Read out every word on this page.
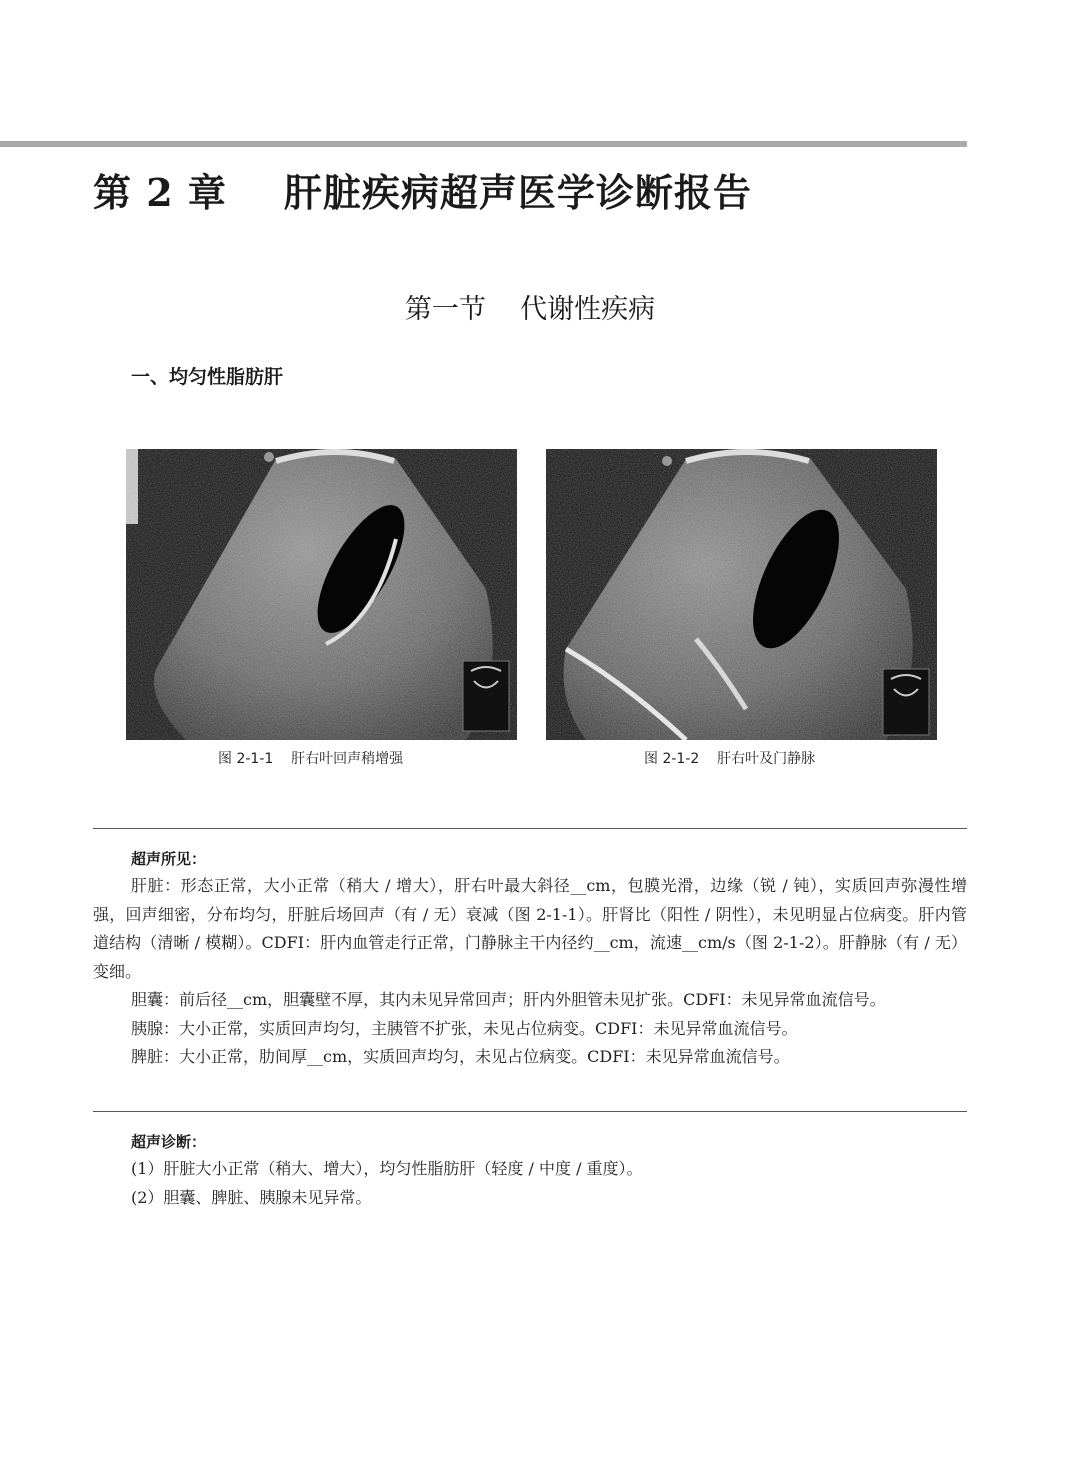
第 2 章    肝脏疾病超声医学诊断报告
第一节    代谢性疾病
一、均匀性脂肪肝
图 2-1-1    肝右叶回声稍增强	图 2-1-2    肝右叶及门静脉
超声所见：

肝脏：形态正常，大小正常（稍大 / 增大），肝右叶最大斜径__cm，包膜光滑，边缘（锐 / 钝），实质回声弥漫性增强，回声细密，分布均匀，肝脏后场回声（有 / 无）衰减（图 2-1-1）。肝肾比（阳性 / 阴性），未见明显占位病变。肝内管道结构（清晰 / 模糊）。CDFI：肝内血管走行正常，门静脉主干内径约__cm，流速__cm/s（图 2-1-2）。肝静脉（有 / 无）变细。

胆囊：前后径__cm，胆囊壁不厚，其内未见异常回声；肝内外胆管未见扩张。CDFI：未见异常血流信号。

胰腺：大小正常，实质回声均匀，主胰管不扩张，未见占位病变。CDFI：未见异常血流信号。

脾脏：大小正常，肋间厚__cm，实质回声均匀，未见占位病变。CDFI：未见异常血流信号。

超声诊断：

(1）肝脏大小正常（稍大、增大），均匀性脂肪肝（轻度 / 中度 / 重度）。

(2）胆囊、脾脏、胰腺未见异常。
